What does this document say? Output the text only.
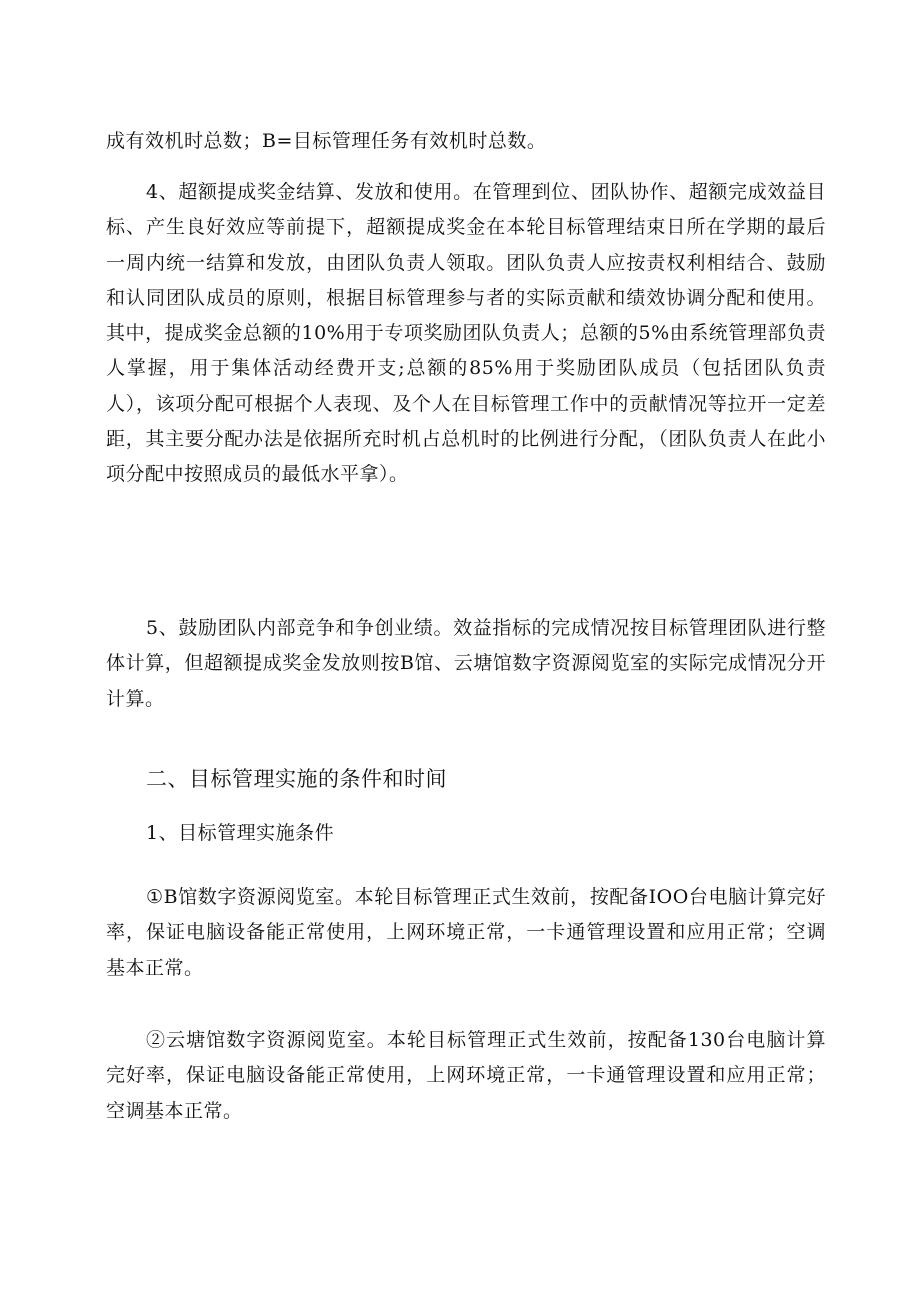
成有效机时总数；B=目标管理任务有效机时总数。
4、超额提成奖金结算、发放和使用。在管理到位、团队协作、超额完成效益目标、产生良好效应等前提下，超额提成奖金在本轮目标管理结束日所在学期的最后一周内统一结算和发放，由团队负责人领取。团队负责人应按责权利相结合、鼓励和认同团队成员的原则，根据目标管理参与者的实际贡献和绩效协调分配和使用。其中，提成奖金总额的10%用于专项奖励团队负责人；总额的5%由系统管理部负责人掌握，用于集体活动经费开支;总额的85%用于奖励团队成员（包括团队负责人），该项分配可根据个人表现、及个人在目标管理工作中的贡献情况等拉开一定差距，其主要分配办法是依据所充时机占总机时的比例进行分配，（团队负责人在此小项分配中按照成员的最低水平拿）。
5、鼓励团队内部竞争和争创业绩。效益指标的完成情况按目标管理团队进行整体计算，但超额提成奖金发放则按B馆、云塘馆数字资源阅览室的实际完成情况分开计算。
二、目标管理实施的条件和时间
1、目标管理实施条件
①B馆数字资源阅览室。本轮目标管理正式生效前，按配备IOO台电脑计算完好率，保证电脑设备能正常使用，上网环境正常，一卡通管理设置和应用正常；空调基本正常。
②云塘馆数字资源阅览室。本轮目标管理正式生效前，按配备130台电脑计算完好率，保证电脑设备能正常使用，上网环境正常，一卡通管理设置和应用正常；空调基本正常。
